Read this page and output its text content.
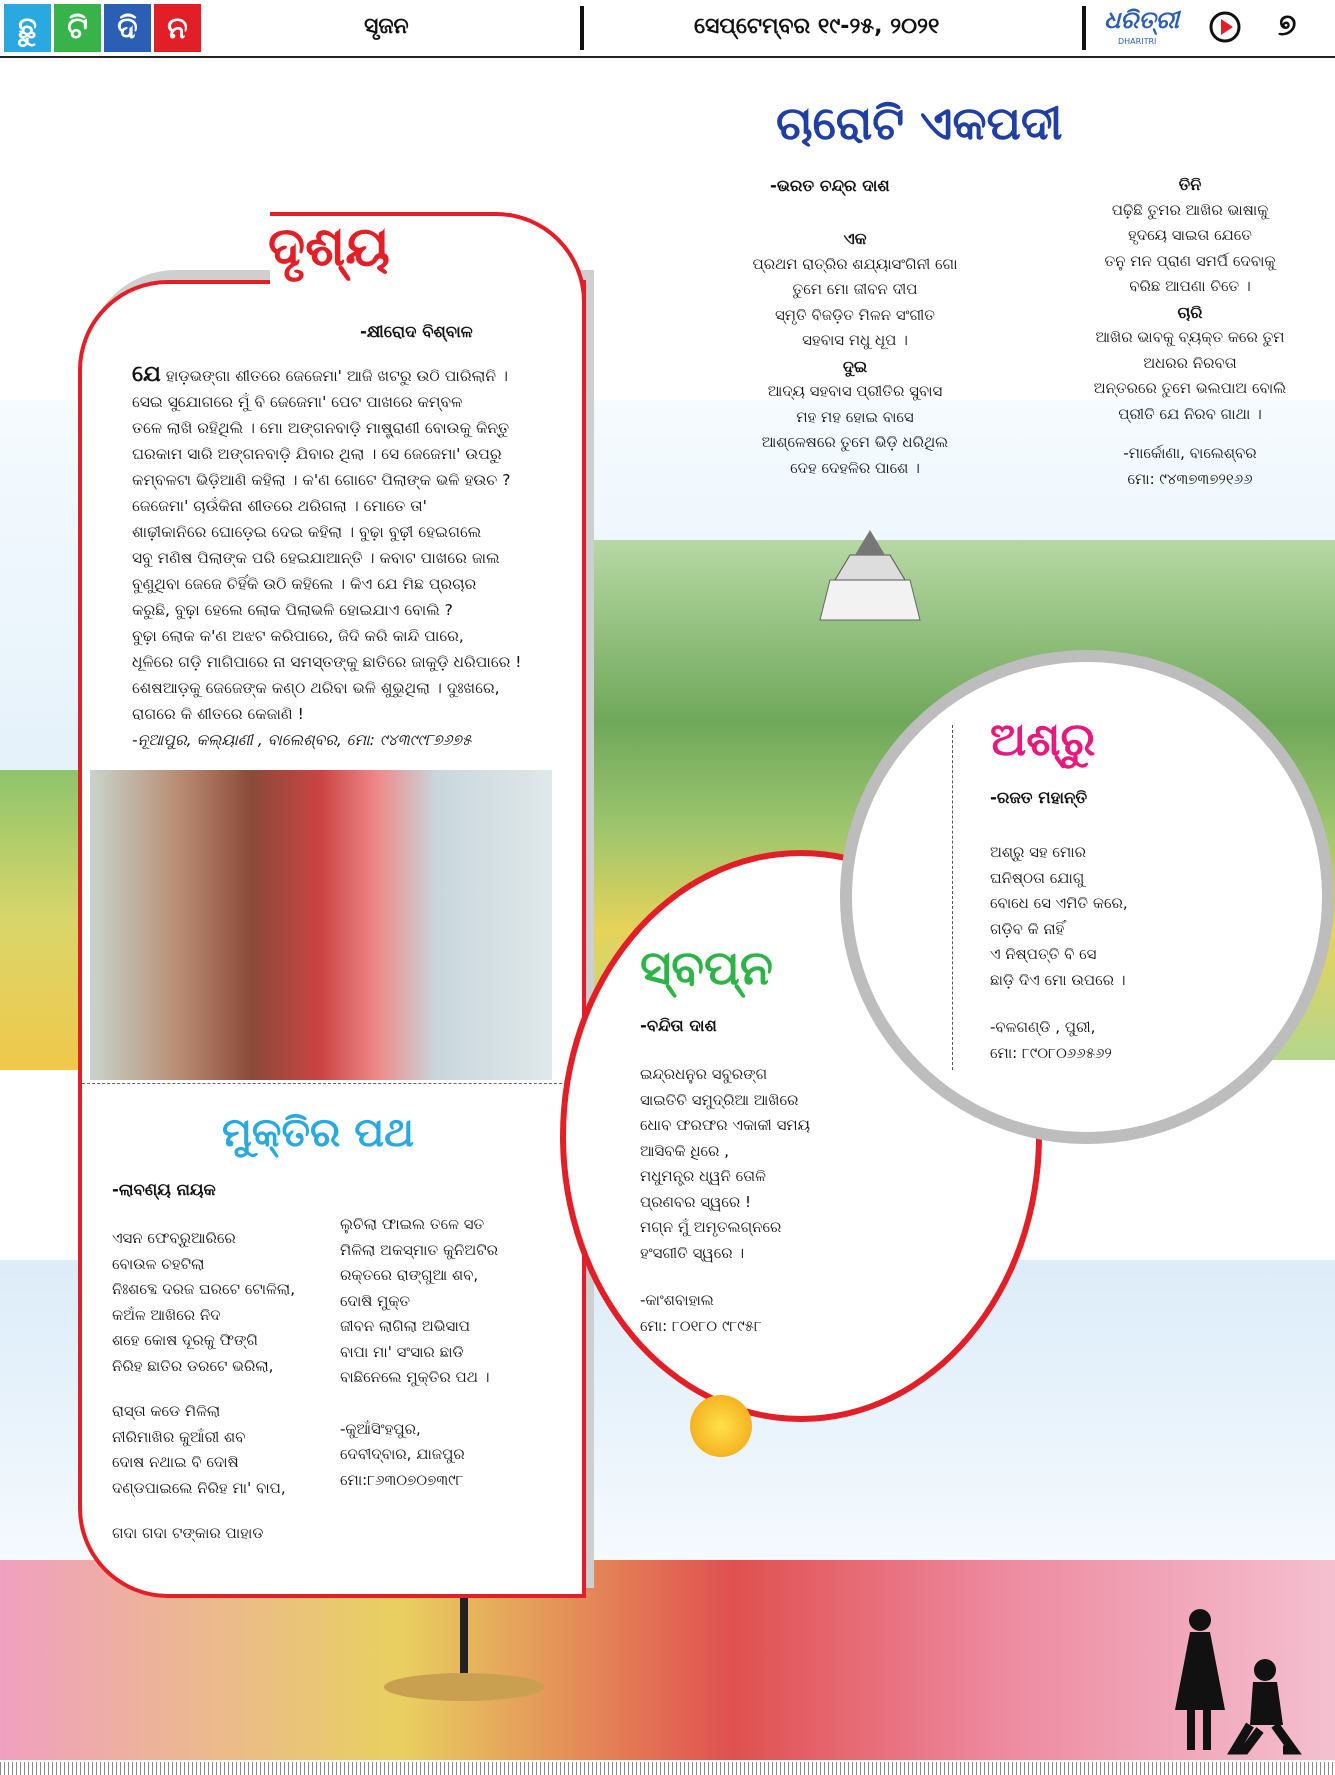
ଛୁ	ଟି ଦି ନ	ସୃଜନ	ସେପ୍ଟେମ୍ବର ୧୯-୨୫, ୨୦୨୧	ଧରିତ୍ରୀ
DHARITRI	୭
ଚାରୋଟି ଏକପଦୀ
-ଭରତ ଚନ୍ଦ୍ର ଦାଶ
ଏକ
ପ୍ରଥମ ରାତ୍ରିର ଶଯ୍ୟାସଂଗିନୀ ଗୋ
ତୁମେ ମୋ ଜୀବନ ଦୀପ
ସ୍ମୃତି ବିଜଡ଼ିତ ମିଳନ ସଂଗୀତ
ସହବାସ ମଧୁ ଧୂପ ।
ଦୁଇ
ଆଦ୍ୟ ସହବାସ ପ୍ରୀତିର ସୁବାସ
ମହ ମହ ହୋଇ ବାସେ
ଆଶ୍ଳେଷରେ ତୁମେ ଭିଡ଼ି ଧରିଥିଲ
ଦେହ ଦେହଳିର ପାଶେ ।
ତିନି
ପଢ଼ିଛି ତୁମର ଆଖିର ଭାଷାକୁ
ହୃଦୟେ ସାଇତା ଯେତେ
ତନୁ ମନ ପ୍ରାଣ ସମର୍ପି ଦେବାକୁ
ବରିଛ ଆପଣା ଚିତେ ।
ଚାରି
ଆଖିର ଭାବକୁ ବ୍ୟକ୍ତ କରେ ତୁମ
ଅଧରର ନିରବତା
ଅନ୍ତରରେ ତୁମେ ଭଲପାଅ ବୋଲି
ପ୍ରୀତି ଯେ ନିରବ ଗାଥା ।
-ମାର୍କୋଣା, ବାଲେଶ୍ବର
ମୋ: ୯୪୩୭୩୭୨୧୬୬
ଦୃଶ୍ୟ
-କ୍ଷୀରୋଦ ବିଶ୍ବାଳ
ଯେ ହାଡ଼ଭଙ୍ଗା ଶୀତରେ ଜେଜେମା' ଆଜି ଖଟରୁ ଉଠି ପାରିଲାନି ।
ସେଇ ସୁଯୋଗରେ ମୁଁ ବି ଜେଜେମା' ପେଟ ପାଖରେ କମ୍ବଳ
ତଳେ ଲାଖି ରହିଥିଲି । ମୋ ଅଙ୍ଗନବାଡ଼ି ମାଷ୍ଟ୍ରାଣୀ ବୋଉକୁ କିନ୍ତୁ
ଘରକାମ ସାରି ଅଙ୍ଗନବାଡ଼ି ଯିବାର ଥିଲା । ସେ ଜେଜେମା' ଉପରୁ
କମ୍ବଳଟା ଭିଡ଼ିଆଣି କହିଲା । କ'ଣ ଗୋଟେ ପିଲାଙ୍କ ଭଳି ହଉଚ ?
ଜେଜେମା' ଚାଉଁକିନା ଶୀତରେ ଥରିଗଲା । ମୋତେ ତା'
ଶାଢ଼ୀକାନିରେ ଘୋଡ଼େଇ ଦେଇ କହିଲା । ବୁଢ଼ା ବୁଢ଼ୀ ହେଇଗଲେ
ସବୁ ମଣିଷ ପିଲାଙ୍କ ପରି ହେଇଯାଆନ୍ତି । କବାଟ ପାଖରେ ଜାଲ
ବୁଣୁଥିବା ଜେଜେ ଚିହିଁକି ଉଠି କହିଲେ । କିଏ ଯେ ମିଛ ପ୍ରଚାର
କରୁଛି, ବୁଢ଼ା ହେଲେ ଲୋକ ପିଲାଭଳି ହୋଇଯାଏ ବୋଲି ?
ବୁଢ଼ା ଲୋକ କ'ଣ ଅଝଟ କରିପାରେ, ଜିଦି କରି କାନ୍ଦି ପାରେ,
ଧୂଳିରେ ଗଡ଼ି ମାଗିପାରେ ନା ସମସ୍ତଙ୍କୁ ଛାତିରେ ଜାକୁଡ଼ି ଧରିପାରେ !
ଶେଷଆଡ଼କୁ ଜେଜେଙ୍କ କଣ୍ଠ ଥରିବା ଭଳି ଶୁଭୁଥିଲା । ଦୁଃଖରେ,
ରାଗରେ କି ଶୀତରେ କେଜାଣି !
-ନୂଆପୁର, କଲ୍ୟାଣୀ , ବାଲେଶ୍ବର, ମୋ: ୯୪୩୯୯୮୭୬୭୫
ମୁକ୍ତିର ପଥ
-ଲାବଣ୍ୟ ନାୟକ
ଏସନ ଫେବ୍ରୁଆରିରେ
ବୋଉଳ ଚହଟିଲା
ନିଃଶବ୍ଦେ ଦରଜ ଘରଟେ ଟୋଳିଲା,
କଅଁଳ ଆଖିରେ ନିଦ
ଶହେ କୋଷ ଦୂରକୁ ଫିଙ୍ଗି
ନିରିହ ଛାତିର ଡରଟେ ଭରିଲା,
ରାସ୍ତା କଡେ ମିଳିଲା
ନୀରିମାଖିର କୁଆଁରୀ ଶବ
ଦୋଷ ନଥାଇ ବି ଦୋଷି
ଦଣ୍ଡପାଇଲେ ନିରିହ ମା' ବାପ,
ଗଦା ଗଦା ଟଙ୍କାର ପାହାଡ
ଲୁଚିଲା ଫାଇଲ ତଳେ ସତ
ମିଳିଲା ଅକସ୍ମାତ କୁନିଅଟିର
ରକ୍ତରେ ରାଙ୍ଗୁଆ ଶବ,
ଦୋଷି ମୁକ୍ତ
ଜୀବନ ଲାଗିଲା ଅଭିସାପ
ବାପା ମା' ସଂସାର ଛାଡି
ବାଛିନେଲେ ମୁକ୍ତିର ପଥ ।
-କୁଆଁସିଂହପୁର,
ଦେବୀଦ୍ବାର, ଯାଜପୁର
ମୋ:୮୬୩୦୭୦୭୩୯୮
ସ୍ବପ୍ନ
-ବନ୍ଦିତା ଦାଶ
ଇନ୍ଦ୍ରଧନୁର ସବୁରଙ୍ଗ
ସାଇତିଚି ସମୁଦ୍ରିଆ ଆଖିରେ
ଧୋବ ଫରଫର ଏକାକୀ ସମୟ
ଆସିବକି ଧିରେ ,
ମଧୁମନ୍ତ୍ର ଧ୍ୱନି ତୋଳି
ପ୍ରଣବର ସ୍ୱରେ !
ମଗ୍ନ ମୁଁ ଅମୃତଲଗ୍ନରେ
ହଂସଗୀତି ସ୍ୱରେ ।
-କାଂଶବାହାଲ
ମୋ: ୮୦୧୮୦ ୯୮୯୫୮
ଅଶ୍ରୁ
-ରଜତ ମହାନ୍ତି
ଅଶ୍ରୁ ସହ ମୋର
ଘନିଷ୍ଠତା ଯୋଗୁ
ବୋଧେ ସେ ଏମିତି କରେ,
ଗଡ଼ିବ କି ନାହିଁ
ଏ ନିଷ୍ପତ୍ତି ବି ସେ
ଛାଡ଼ି ଦିଏ ମୋ ଉପରେ ।
-ବଳଗଣ୍ଡି , ପୁରୀ,
ମୋ: ୮୯୦୮୦୬୬୫୬୨
